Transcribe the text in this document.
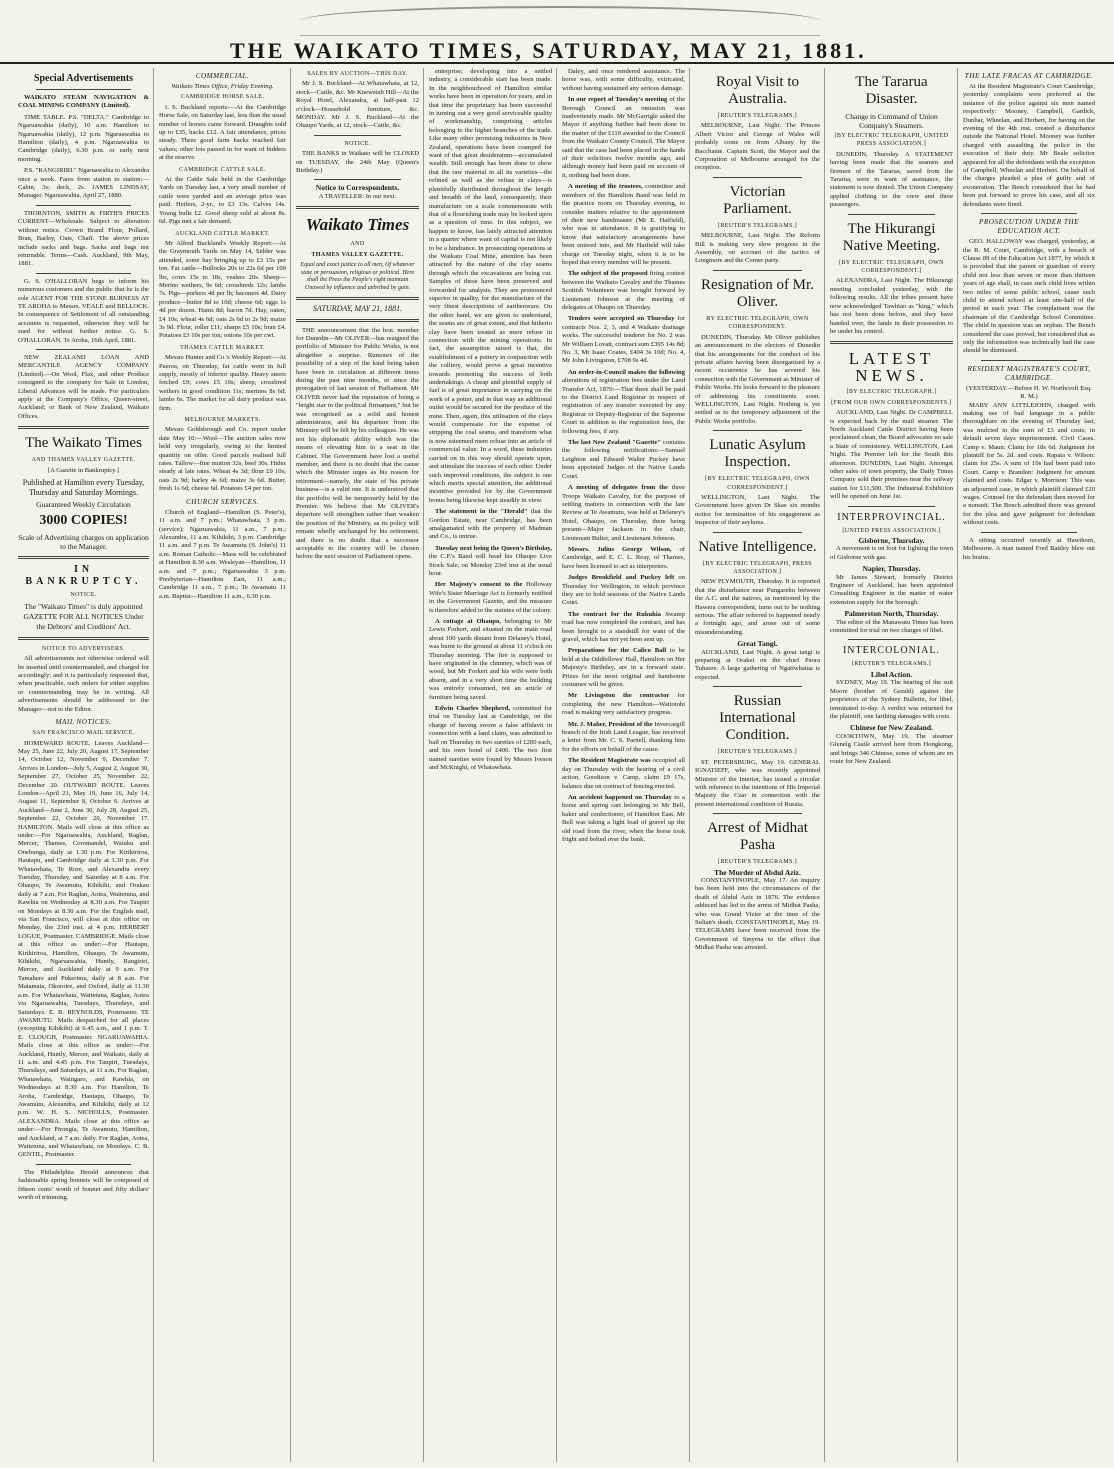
THE WAIKATO TIMES, SATURDAY, MAY 21, 1881.
Special Advertisements

WAIKATO STEAM NAVIGATION & COAL MINING COMPANY (Limited).

TIME TABLE. P.S. "DELTA." Cambridge to Ngaruawahia (daily), 10 a.m. Hamilton to Ngaruawahia (daily), 12 p.m. Ngaruawahia to Hamilton (daily), 4 p.m. Ngaruawahia to Cambridge (daily), 6.30 p.m. or early next morning.

P.S. "RANGIRIRI." Ngaruawahia to Alexandra once a week. Fares from station to station:—Cabin, 3s; deck, 2s. JAMES LINDSAY, Manager. Ngaruawahia, April 27, 1880.

THORNTON, SMITH & FIRTH'S PRICES CURRENT—Wholesale. Subject to alteration without notice. Crown Brand Flour, Pollard, Bran, Barley, Oats, Chaff. The above prices include sacks and bags. Sacks and bags not returnable. Terms—Cash. Auckland, 9th May, 1881.

G. S. O'HALLORAN begs to inform his numerous customers and the public that he is the sole AGENT FOR THE STONE BURNESS AT TE AROHA to Messrs. VEALE and BELLOCK. In consequence of Settlement of all outstanding accounts is requested, otherwise they will be sued for without further notice. G. S. O'HALLORAN. Te Aroha, 16th April, 1881.

NEW ZEALAND LOAN AND MERCANTILE AGENCY COMPANY (Limited).—On Wool, Flax, and other Produce consigned to the company for Sale in London, Liberal Advances will be made. For particulars apply at the Company's Office, Queen-street, Auckland; or Bank of New Zealand, Waikato Offices.

The Waikato Times
AND THAMES VALLEY GAZETTE.
[A Gazette in Bankruptcy.]

Published at Hamilton every Tuesday, Thursday and Saturday Mornings.

Guaranteed Weekly Circulation
3000 COPIES!

Scale of Advertising charges on application to the Manager.

IN BANKRUPTCY.
NOTICE.

The "Waikato Times" is duly appointed GAZETTE FOR ALL NOTICES Under the Debtors' and Creditors' Act.

NOTICE TO ADVERTISERS.

All advertisements not otherwise ordered will be inserted until countermanded, and charged for accordingly; and it is particularly requested that, when practicable, such orders for either supplies or countermanding may be in writing. All advertisements should be addressed to the Manager—not to the Editor.

MAIL NOTICES.
SAN FRANCISCO MAIL SERVICE.

HOMEWARD ROUTE. Leaves Auckland—May 25, June 22, July 20, August 17, September 14, October 12, November 9, December 7. Arrives in London—July 5, August 2, August 30, September 27, October 25, November 22, December 20. OUTWARD ROUTE. Leaves London—April 21, May 19, June 16, July 14, August 11, September 8, October 6. Arrives at Auckland—June 2, June 30, July 28, August 25, September 22, October 20, November 17. HAMILTON. Mails will close at this office as under:—For Ngaruawahia, Auckland, Raglan, Mercer, Thames, Coromandel, Waiuku and Onehunga, daily at 1.30 p.m. For Kirikiriroa, Hautapu, and Cambridge daily at 1.30 p.m. For Whatawhata, Te Rore, and Alexandra every Tuesday, Thursday, and Saturday at 8 a.m. For Ohaupo, Te Awamutu, Kihikihi, and Orakau daily at 7 a.m. For Raglan, Aotea, Waitetuna, and Kawhia on Wednesday at 8.30 a.m. For Taupiri on Mondays at 8.30 a.m. For the English mail, via San Francisco, will close at this office on Monday, the 23rd inst. at 4 p.m. HERBERT LOGUE, Postmaster. CAMBRIDGE. Mails close at this office as under:—For Hautapu, Kirikiriroa, Hamilton, Ohaupo, Te Awamutu, Kihikihi, Ngaruawahia, Huntly, Rangiriri, Mercer, and Auckland daily at 9 a.m. For Tamahere and Pukerimu, daily at 8 a.m. For Matamata, Okoroire, and Oxford, daily at 11.30 a.m. For Whatawhata, Waitetuna, Raglan, Aotea via Ngaruawahia, Tuesdays, Thursdays, and Saturdays. E. B. REYNOLDS, Postmaster. TE AWAMUTU. Mails despatched for all places (excepting Kihikihi) at 6.45 a.m., and 1 p.m. T. E. CLOUGH, Postmaster. NGARUAWAHIA. Mails close at this office as under:—For Auckland, Huntly, Mercer, and Waikato, daily at 11 a.m. and 4.45 p.m. For Taupiri, Tuesdays, Thursdays, and Saturdays, at 11 a.m. For Raglan, Whatawhata, Waingaro, and Kawhia, on Wednesdays at 8.30 a.m. For Hamilton, Te Aroha, Cambridge, Hautapu, Ohaupo, Te Awamutu, Alexandra, and Kihikihi, daily at 12 p.m. W. H. S. NICHOLLS, Postmaster. ALEXANDRA. Mails close at this office as under:—For Pirongia, Te Awamutu, Hamilton, and Auckland, at 7 a.m. daily. For Raglan, Aotea, Waitetuna, and Whatawhata, on Mondays. C. B. GENTIL, Postmaster.

The Philadelphia Herald announces that fashionable spring bonnets will be composed of fifteen cents' worth of bonnet and fifty dollars' worth of trimming.

COMMERCIAL.
Waikato Times Office, Friday Evening.
CAMBRIDGE HORSE SALE.

I. S. Buckland reports:—At the Cambridge Horse Sale, on Saturday last, less than the usual number of horses came forward. Draughts sold up to £35, hacks £12. A fair attendance, prices steady. Three good farm hacks reached fair values; other lots passed in for want of bidders at the reserve.

CAMBRIDGE CATTLE SALE.

At the Cattle Sale held in the Cambridge Yards on Tuesday last, a very small number of cattle were yarded and an average price was paid. Heifers, 2-yr., to £3 13s. Calves 14s. Young bulls £2. Good sheep sold at about 8s. 6d. Pigs met a fair demand.

AUCKLAND CATTLE MARKET.

Mr Alfred Buckland's Weekly Report:—At the Graymouth Yards on May 14, Sidder was attended, some hay bringing up to £3 15s per ton. Fat cattle—Bullocks 20s to 22s 6d per 100 lbs, cows 15s to 18s, vealers 20s. Sheep—Merino wethers, 9s 6d; crossbreds 12s; lambs 7s. Pigs—porkers 4d per lb; baconers 4d. Dairy produce—butter 8d to 10d; cheese 6d; eggs 1s 4d per dozen. Hams 8d; bacon 7d. Hay, oaten, £4 10s; wheat 4s 6d; oats 2s 6d to 2s 9d; maize 3s 9d. Flour, roller £11; sharps £5 10s; bran £4. Potatoes £3 10s per ton; onions 10s per cwt.

THAMES CATTLE MARKET.

Messrs Hunter and Co.'s Weekly Report:—At Paeroa, on Thursday, fat cattle went in full supply, mostly of inferior quality. Heavy steers fetched £9; cows £5 10s; sheep, crossbred wethers in good condition 11s; merinos 8s 6d; lambs 6s. The market for all dairy produce was firm.

MELBOURNE MARKETS.

Messrs Goldsbrough and Co. report under date May 10:—Wool—The auction sales now held very irregularly, owing to the limited quantity on offer. Good parcels realised full rates. Tallow—fine mutton 32s, beef 30s. Hides steady at late rates. Wheat 4s 3d; flour £9 10s; oats 2s 9d; barley 4s 6d; maize 3s 6d. Butter, fresh 1s 6d; cheese 6d. Potatoes £4 per ton.

CHURCH SERVICES.

Church of England—Hamilton (S. Peter's), 11 a.m. and 7 p.m.; Whatawhata, 3 p.m. (service); Ngaruawahia, 11 a.m., 7 p.m.; Alexandra, 11 a.m. Kihikihi, 3 p.m. Cambridge 11 a.m. and 7 p.m. Te Awamutu (S. John's) 11 a.m. Roman Catholic—Mass will be celebrated at Hamilton 8.30 a.m. Wesleyan—Hamilton, 11 a.m. and 7 p.m.; Ngaruawahia 3 p.m. Presbyterian—Hamilton East, 11 a.m.; Cambridge 11 a.m., 7 p.m.; Te Awamutu 11 a.m. Baptist—Hamilton 11 a.m., 6.30 p.m.

SALES BY AUCTION—THIS DAY.

Mr J. S. Buckland—At Whatawhata, at 12, stock—Cattle, &c. Mr Knewstub Hill—At the Royal Hotel, Alexandra, at half-past 12 o'clock—Household furniture, &c. MONDAY. Mr J. S. Buckland—At the Ohaupo Yards, at 12, stock—Cattle, &c.

NOTICE.

THE BANKS in Waikato will be CLOSED on TUESDAY, the 24th May (Queen's Birthday.)

Notice to Correspondents.
A TRAVELLER: In our next.
Waikato Times
AND
THAMES VALLEY GAZETTE.

Equal and exact justice to all men, Of whatever state or persuasion, religious or political. Here shall the Press the People's right maintain Unawed by influence and unbribed by gain.

SATURDAY, MAY 21, 1881.

THE announcement that the hon. member for Dunedin—Mr OLIVER—has resigned the portfolio of Minister for Public Works, is not altogether a surprise. Rumours of the possibility of a step of the kind being taken have been in circulation at different times during the past nine months, or since the prorogation of last session of Parliament. Mr OLIVER never had the reputation of being a "bright star in the political firmament," but he was recognised as a solid and honest administrator, and his departure from the Ministry will be felt by his colleagues. He was not his diplomatic ability which was the means of elevating him to a seat in the Cabinet. The Government have lost a useful member, and there is no doubt that the cause which the Minister urges as his reason for retirement—namely, the state of his private business—is a valid one. It is understood that the portfolio will be temporarily held by the Premier. We believe that Mr OLIVER's departure will strengthen rather than weaken the position of the Ministry, as its policy will remain wholly unchanged by his retirement; and there is no doubt that a successor acceptable to the country will be chosen before the next session of Parliament opens.

enterprise; developing into a settled industry, a considerable start has been made. In the neighbourhood of Hamilton similar works have been in operation for years, and in that time the proprietary has been successful in turning out a very good serviceable quality of workmanship, comprising articles belonging to the higher branches of the trade. Like many other promising industries in New Zealand, operations have been cramped for want of that great desideratum—accumulated wealth. Still enough has been done to show that the raw material in all its varieties—the refined as well as the refuse in clays—is plentifully distributed throughout the length and breadth of the land, consequently, their manufacture on a scale commensurate with that of a flourishing trade may be looked upon as a question of time. In this subject, we happen to know, has lately attracted attention in a quarter where want of capital is not likely to be a hindrance. In prosecuting operations at the Waikato Coal Mine, attention has been attracted by the nature of the clay seams through which the excavations are being cut. Samples of these have been preserved and forwarded for analysis. They are pronounced superior in quality, for the manufacture of the very finest descriptions of earthenware. On the other hand, we are given to understand, the seams are of great extent, and that hitherto clay have been treated as mere refuse in connection with the mining operations. In fact, the assumption raised is that, the establishment of a pottery in conjunction with the colliery, would prove a great incentive towards promoting the success of both undertakings. A cheap and plentiful supply of fuel is of great importance in carrying on the work of a potter, and in that way an additional outlet would be secured for the produce of the mine. Then, again, this utilisation of the clays would compensate for the expense of stripping the coal seams, and transform what is now esteemed mere refuse into an article of commercial value. In a word, these industries carried on in this way should operate upon, and stimulate the success of each other. Under such improved conditions, the subject is one which merits special attention, the additional incentive provided for by the Government bonus being likewise kept steadily in view.

The statement in the "Herald" that the Gordon Estate, near Cambridge, has been amalgamated with the property of Madman and Co., is untrue.

Tuesday next being the Queen's Birthday, the C.P.'s Band will head his Ohaupo Live Stock Sale, on Monday 23rd inst at the usual hour.

Her Majesty's consent to the Holloway Wife's Sister Marriage Act is formerly notified in the Government Gazette, and the measure is therefore added to the statutes of the colony.

A cottage at Ohaupo, belonging to Mr Lewis Forkert, and situated on the main road about 100 yards distant from Delaney's Hotel, was burnt to the ground at about 11 o'clock on Thursday morning. The fire is supposed to have originated in the chimney, which was of wood, but Mr Forkert and his wife were both absent, and in a very short time the building was entirely consumed, not an article of furniture being saved.

Edwin Charles Shepherd, committed for trial on Tuesday last at Cambridge, on the charge of having sworn a false affidavit in connection with a land claim, was admitted to bail on Thursday in two sureties of £200 each, and his own bond of £400. The two first named sureties were found by Messrs Iveson and McKnight, of Whatawhata.

Daley, and once rendered assistance. The horse was, with some difficulty, extricated, without having sustained any serious damage.

In our report of Tuesday's meeting of the Borough Council an omission was inadvertently made. Mr McGarrigle asked the Mayor if anything further had been done in the matter of the £110 awarded to the Council from the Waikato County Council. The Mayor said that the case had been placed in the hands of their solicitors twelve months ago, and although money had been paid on account of it, nothing had been done.

A meeting of the trustees, committee and members of the Hamilton Band was held in the practice room on Thursday evening, to consider matters relative to the appointment of their new bandmaster (Mr E. Hatfield), who was in attendance. It is gratifying to know that satisfactory arrangements have been entered into, and Mr Hatfield will take charge on Tuesday night, when it is to be hoped that every member will be present.

The subject of the proposed firing contest between the Waikato Cavalry and the Thames Scottish Volunteers was brought forward by Lieutenant Johnson at the meeting of delegates at Ohaupo on Thursday.

Tenders were accepted on Thursday for contracts Nos. 2, 3, and 4 Waikato drainage works. The successful tenderer for No. 2 was Mr William Lovatt, contract sum £395 14s 8d; No. 3, Mr Isaac Coates, £404 3s 10d; No. 4, Mr John Livingston, £708 9s 4d.

An order-in-Council makes the following alterations of registration fees under the Land Transfer Act, 1870:—That there shall be paid to the District Land Registrar in respect of registration of any transfer executed by any Registrar or Deputy-Registrar of the Supreme Court in addition to the registration fees, the following fees, if any.

The last New Zealand "Gazette" contains the following notifications:—Samuel Leighton and Edward Walter Puckey have been appointed Judges of the Native Lands Court.

A meeting of delegates from the three Troops Waikato Cavalry, for the purpose of settling matters in connection with the late Review at Te Awamutu, was held at Delaney's Hotel, Ohaupo, on Thursday, there being present—Major Jackson in the chair, Lieutenant Bulter, and Lieutenant Johnson.

Messrs. Julius George Wilson, of Cambridge, and E. C. L. Reay, of Thames, have been licensed to act as interpreters.

Judges Brookfield and Puckey left on Thursday for Wellington, in which province they are to hold sessions of the Native Lands Court.

The contract for the Rukuhia Swamp road has now completed the contract, and has been brought to a standstill for want of the gravel, which has not yet been sent up.

Preparations for the Calico Ball to be held at the Oddfellows' Hall, Hamilton on Her Majesty's Birthday, are in a forward state. Prizes for the most original and handsome costumes will be given.

Mr Livingston the contractor for completing the new Hamilton—Waitotohi road is making very satisfactory progress.

Mr. J. Maher, President of the Invercargill branch of the Irish Land League, has received a letter from Mr. C. S. Parnell, thanking him for the efforts on behalf of the cause.

The Resident Magistrate was occupied all day on Thursday with the hearing of a civil action, Goodison v. Camp, claim £9 17s, balance due on contract of fencing erected.

An accident happened on Thursday to a horse and spring cart belonging to Mr Bell, baker and confectioner, of Hamilton East. Mr Bell was taking a light load of gravel up the old road from the river, when the horse took fright and bolted over the bank.

Royal Visit to Australia.
[REUTER'S TELEGRAMS.]

MELBOURNE, Last Night. The Princes Albert Victor and George of Wales will probably come on from Albany by the Bacchante. Captain Scott, the Mayor and the Corporation of Melbourne arranged for the reception.

Victorian Parliament.
[REUTER'S TELEGRAMS.]

MELBOURNE, Last Night. The Reform Bill is making very slow progress in the Assembly, on account of the tactics of Longmore and the Corner party.

Resignation of Mr. Oliver.
BY ELECTRIC TELEGRAPH, OWN CORRESPONDENT.

DUNEDIN, Thursday. Mr Oliver publishes an announcement to the electors of Dunedin that his arrangements for the conduct of his private affairs having been disorganised by a recent occurrence he has severed his connection with the Government as Minister of Public Works. He looks forward to the pleasure of addressing his constituents soon. WELLINGTON, Last Night. Nothing is yet settled as to the temporary adjustment of the Public Works portfolio.

Lunatic Asylum Inspection.
[BY ELECTRIC TELEGRAPH, OWN CORRESPONDENT.]

WELLINGTON, Last Night. The Government have given Dr Skae six months notice for termination of his engagement as inspector of their asylums.

Native Intelligence.
[BY ELECTRIC TELEGRAPH, PRESS ASSOCIATION.]

NEW PLYMOUTH, Thursday. It is reported that the disturbance near Pungarehu between the A.C. and the natives, as mentioned by the Hawera correspondent, turns out to be nothing serious. The affair referred to happened nearly a fortnight ago, and arose out of some misunderstanding.

Great Tangi.

AUCKLAND, Last Night. A great tangi is preparing at Orakei on the chief Paora Tuhaere. A large gathering of Ngatiwhatua is expected.

Russian International Condition.
[REUTER'S TELEGRAMS.]

ST. PETERSBURG, May 19. GENERAL IGNATIEFF, who was recently appointed Minister of the Interior, has issued a circular with reference to the intentions of His Imperial Majesty the Czar in connection with the present international condition of Russia.

Arrest of Midhat Pasha
[REUTER'S TELEGRAMS.]
The Murder of Abdul Aziz.

CONSTANTINOPLE, May 17. An inquiry has been held into the circumstances of the death of Abdul Aziz in 1876. The evidence adduced has led to the arrest of Midhat Pasha, who was Grand Vizier at the time of the Sultan's death. CONSTANTINOPLE, May 19. TELEGRAMS have been received from the Government of Smyrna to the effect that Midhat Pasha was arrested.

The Tararua Disaster.
Change in Command of Union Company's Steamers.
[BY ELECTRIC TELEGRAPH, UNITED PRESS ASSOCIATION.]

DUNEDIN, Thursday. A STATEMENT having been made that the seamen and firemen of the Tararua, saved from the Tararua, were in want of assistance, the statement is now denied. The Union Company applied clothing to the crew and three passengers.

The Hikurangi Native Meeting.
[BY ELECTRIC TELEGRAPH, OWN CORRESPONDENT.]

ALEXANDRA, Last Night. The Hikurangi meeting concluded yesterday, with the following results. All the tribes present have now acknowledged Tawhiao as "king," which has not been done before, and they have handed over, the lands in their possession to be under his control.

LATEST NEWS.
[BY ELECTRIC TELEGRAPH.]
[FROM OUR OWN CORRESPONDENTS.]

AUCKLAND, Last Night. Dr CAMPBELL is expected back by the mail steamer. The North Auckland Cattle District having been proclaimed clean, the Board advocates no sale a State of consistency. WELLINGTON, Last Night. The Premier left for the South this afternoon. DUNEDIN, Last Night. Amongst other sales of town property, the Daily Times Company sold their premises near the railway station for £11,500. The Industrial Exhibition will be opened on June 1st.

INTERPROVINCIAL.
[UNITED PRESS ASSOCIATION.]
Gisborne, Thursday.

A movement is on foot for lighting the town of Gisborne with gas.

Napier, Thursday.

Mr James Stewart, formerly District Engineer of Auckland, has been appointed Consulting Engineer in the matter of water extension supply for the borough.

Palmerston North, Thursday.

The editor of the Manawatu Times has been committed for trial on two charges of libel.

INTERCOLONIAL.
[REUTER'S TELEGRAMS.]
Libel Action.

SYDNEY, May 19. The hearing of the suit Moore (brother of Gerald) against the proprietors of the Sydney Bulletin, for libel, terminated to-day. A verdict was returned for the plaintiff, one farthing damages with costs.

Chinese for New Zealand.

COOKTOWN, May 19. The steamer Glenelg Castle arrived here from Hongkong, and brings 346 Chinese, some of whom are en route for New Zealand.

THE LATE FRACAS AT CAMBRIDGE.

At the Resident Magistrate's Court Cambridge, yesterday complaints were preferred at the instance of the police against six men named respectively: Mooney, Campbell, Gardick, Dunbar, Wheelan, and Herbert, for having on the evening of the 4th inst. created a disturbance outside the National Hotel. Mooney was further charged with assaulting the police in the execution of their duty. Mr Beale solicitor appeared for all the defendants with the exception of Campbell, Wheelan and Herbert. On behalf of the charges pleaded a plea of guilty and of exoneration. The Bench considered that he had been put forward to prove his case, and all six defendants were fined.

PROSECUTION UNDER THE EDUCATION ACT.

GEO. HALLOWAY was charged, yesterday, at the R. M. Court, Cambridge, with a breach of Clause 89 of the Education Act 1877, by which it is provided that the parent or guardian of every child not less than seven or more than thirteen years of age shall, in case such child lives within two miles of some public school, cause such child to attend school at least one-half of the period in each year. The complainant was the chairman of the Cambridge School Committee. The child in question was an orphan. The Bench considered the case proved, but considered that as only the information was technically bad the case should be dismissed.

RESIDENT MAGISTRATE'S COURT, CAMBRIDGE.
(YESTERDAY.—Before H. W. Northcroft Esq. R. M.)

MARY ANN LITTLEJOHN, charged with making use of bad language in a public thoroughfare on the evening of Thursday last, was mulcted in the sum of £3 and costs; in default seven days imprisonment. Civil Cases. Camp v. Maun: Claim for 18s 6d. Judgment for plaintiff for 5s. 2d. and costs. Rapata v. Wilson: claim for 25s. A sum of 10s had been paid into Court. Camp v. Brandon: Judgment for amount claimed and costs. Edgar v. Morrison: This was an adjourned case, in which plaintiff claimed £20 wages. Counsel for the defendant then moved for a nonsuit. The Bench admitted there was ground for the plea and gave judgment for defendant without costs.

A sitting occurred recently at Hawthorn, Melbourne. A man named Fred Battley blew out his brains.
